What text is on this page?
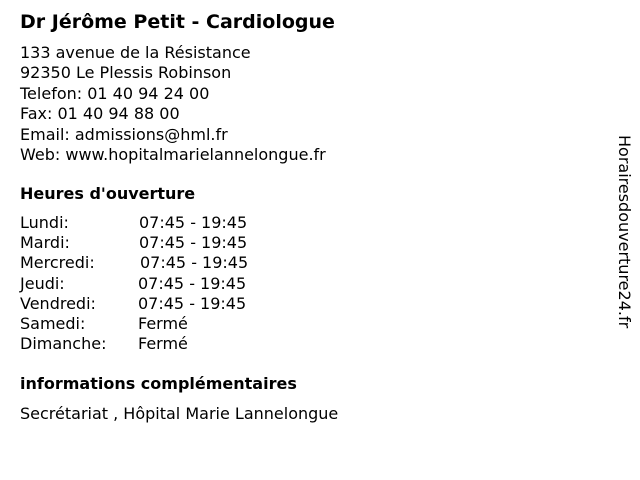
Dr Jérôme Petit - Cardiologue
133 avenue de la Résistance
92350 Le Plessis Robinson
Telefon: 01 40 94 24 00
Fax: 01 40 94 88 00
Email: admissions@hml.fr
Web: www.hopitalmarielannelongue.fr
Heures d'ouverture
Lundi:	07:45 - 19:45
Mardi:	07:45 - 19:45
Mercredi:	07:45 - 19:45
Jeudi:	07:45 - 19:45
Vendredi:	07:45 - 19:45
Samedi:	Fermé
Dimanche: Fermé
informations complémentaires
Secrétariat , Hôpital Marie Lannelongue
Horairesdouverture24.fr
